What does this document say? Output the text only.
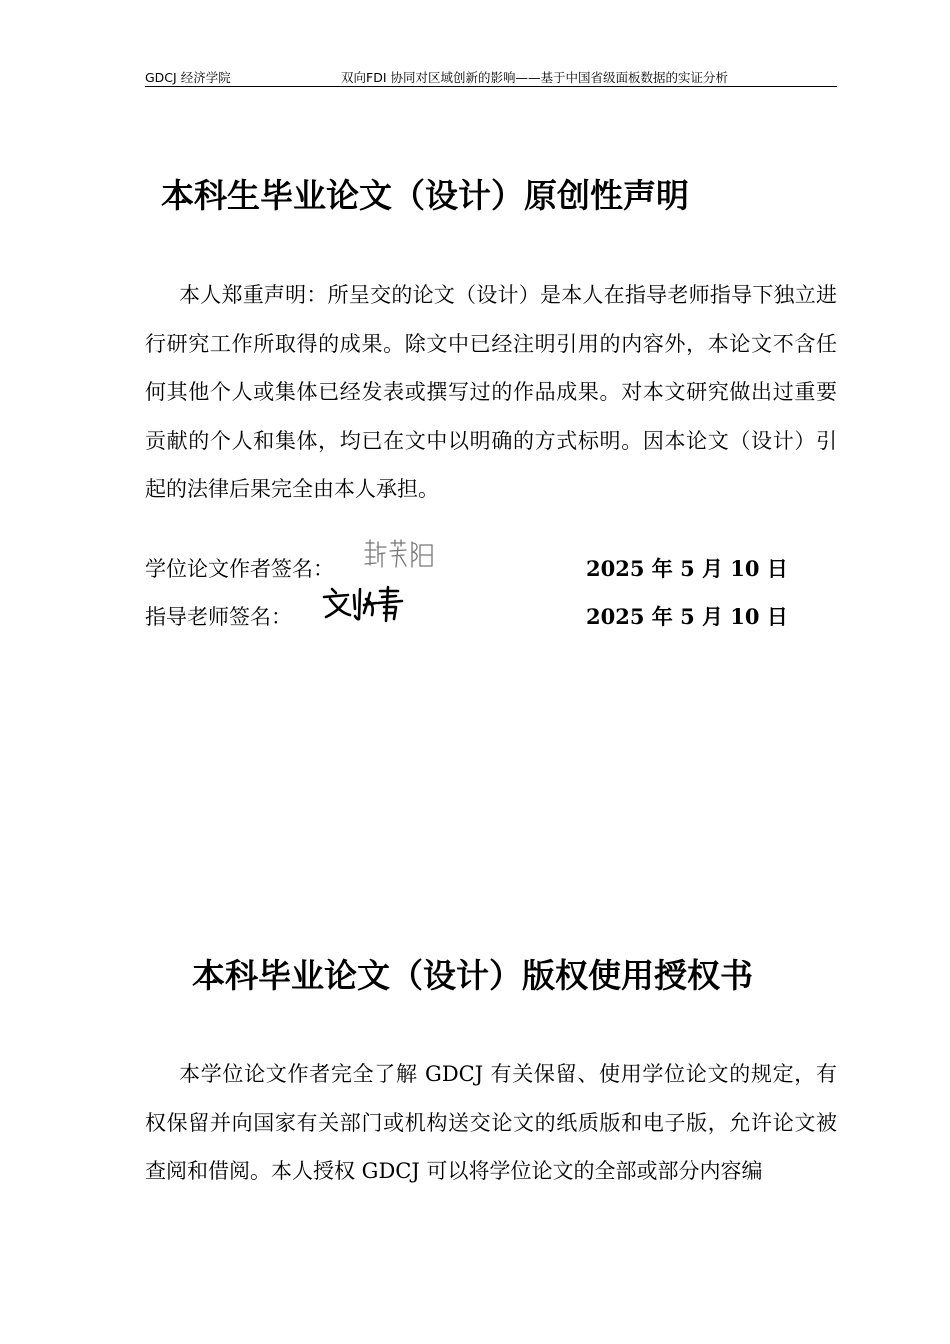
GDCJ 经济学院	双向FDI 协同对区域创新的影响——基于中国省级面板数据的实证分析
本科生毕业论文（设计）原创性声明

本人郑重声明：所呈交的论文（设计）是本人在指导老师指导下独立进行研究工作所取得的成果。除文中已经注明引用的内容外，本论文不含任何其他个人或集体已经发表或撰写过的作品成果。对本文研究做出过重要贡献的个人和集体，均已在文中以明确的方式标明。因本论文（设计）引起的法律后果完全由本人承担。

学位论文作者签名：	2025 年 5 月 10 日
指导老师签名：	2025 年 5 月 10 日
本科毕业论文（设计）版权使用授权书

本学位论文作者完全了解 GDCJ 有关保留、使用学位论文的规定，有权保留并向国家有关部门或机构送交论文的纸质版和电子版，允许论文被查阅和借阅。本人授权 GDCJ 可以将学位论文的全部或部分内容编
